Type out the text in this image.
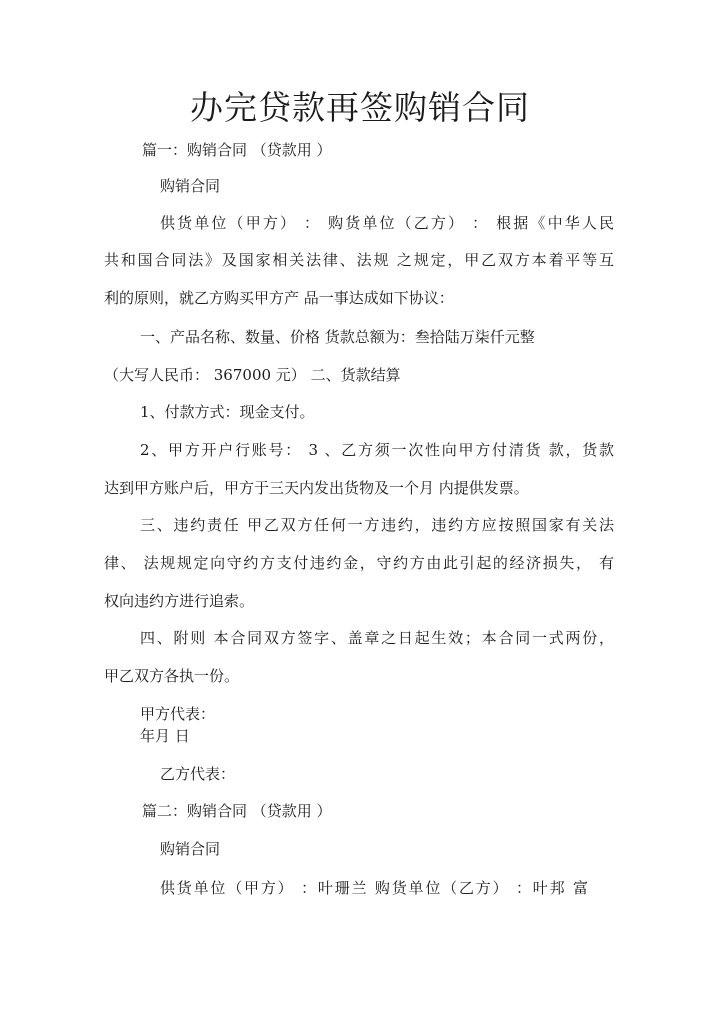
办完贷款再签购销合同
篇一：购销合同 （贷款用 ）
购销合同
供货单位（甲方） ： 购货单位（乙方） ： 根据《中华人民
共和国合同法》及国家相关法律、法规 之规定，甲乙双方本着平等互
利的原则，就乙方购买甲方产 品一事达成如下协议：
一、产品名称、数量、价格 货款总额为：叁拾陆万柒仟元整
（大写人民币： 367000 元） 二、货款结算
1、付款方式：现金支付。
2、甲方开户行账号： 3 、乙方须一次性向甲方付清货 款，货款
达到甲方账户后，甲方于三天内发出货物及一个月 内提供发票。
三、违约责任 甲乙双方任何一方违约，违约方应按照国家有关法
律、 法规规定向守约方支付违约金，守约方由此引起的经济损失， 有
权向违约方进行追索。
四、附则 本合同双方签字、盖章之日起生效；本合同一式两份，
甲乙双方各执一份。
甲方代表：
年月 日
乙方代表：
篇二：购销合同 （贷款用 ）
购销合同
供货单位（甲方） ：叶珊兰 购货单位（乙方） ：叶邦 富
